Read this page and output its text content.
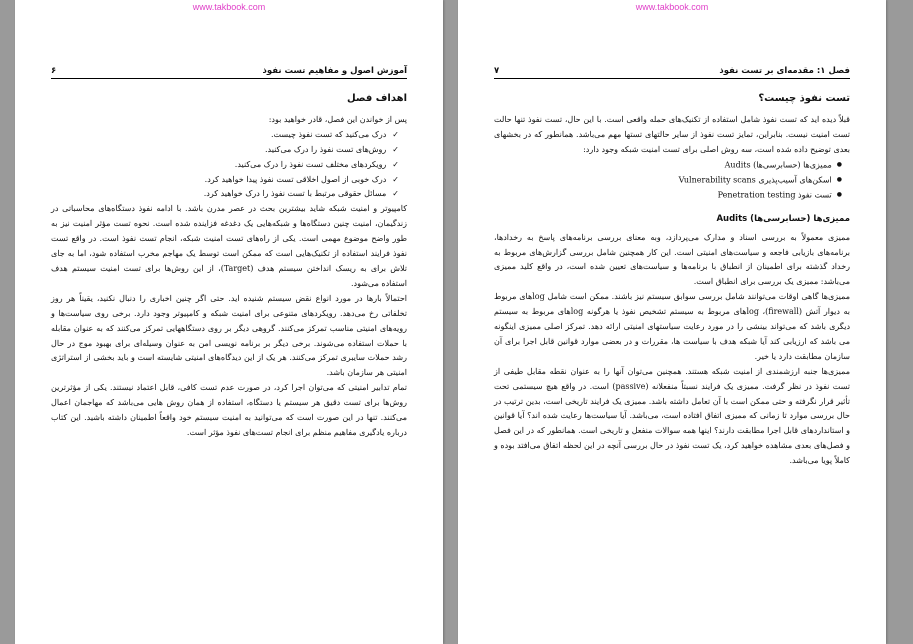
www.takbook.com
آموزش اصول و مفاهیم تست نفوذ
۶
اهداف فصل

پس از خواندن این فصل، قادر خواهید بود:

✓ درک می‌کنید که تست نفوذ چیست.
✓ روش‌های تست نفوذ را درک می‌کنید.
✓ رویکردهای مختلف تست نفوذ را درک می‌کنید.
✓ درک خوبی از اصول اخلاقی تست نفوذ پیدا خواهید کرد.
✓ مسائل حقوقی مرتبط با تست نفوذ را درک خواهید کرد.

کامپیوتر و امنیت شبکه شاید بیشترین بحث در عصر مدرن باشد. با ادامه نفوذ دستگاه‌های محاسباتی در زندگیمان، امنیت چنین دستگاه‌ها و شبکه‌هایی یک دغدغه فزاینده شده است. نحوه تست مؤثر امنیت نیز به طور واضح موضوع مهمی است. یکی از راه‌های تست امنیت شبکه، انجام تست نفوذ است. در واقع تست نفوذ فرایند استفاده از تکنیک‌هایی است که ممکن است توسط یک مهاجم مخرب استفاده شود، اما به جای تلاش برای به ریسک انداختن سیستم هدف (Target)، از این روش‌ها برای تست امنیت سیستم هدف استفاده می‌شود.

احتمالاً بارها در مورد انواع نقض سیستم شنیده اید. حتی اگر چنین اخباری را دنبال نکنید، یقیناً هر روز تخلفاتی رخ می‌دهد. رویکردهای متنوعی برای امنیت شبکه و کامپیوتر وجود دارد. برخی روی سیاست‌ها و رویه‌های امنیتی مناسب تمرکز می‌کنند. گروهی دیگر بر روی دستگاههایی تمرکز می‌کنند که به عنوان مقابله با حملات استفاده می‌شوند. برخی دیگر بر برنامه نویسی امن به عنوان وسیله‌ای برای بهبود موج در حال رشد حملات سایبری تمرکز می‌کنند. هر یک از این دیدگاه‌های امنیتی شایسته است و باید بخشی از استراتژی امنیتی هر سازمان باشد.

تمام تدابیر امنیتی که می‌توان اجرا کرد، در صورت عدم تست کافی، قابل اعتماد نیستند. یکی از مؤثرترین روش‌ها برای تست دقیق هر سیستم یا دستگاه، استفاده از همان روش هایی می‌باشد که مهاجمان اعمال می‌کنند. تنها در این صورت است که می‌توانید به امنیت سیستم خود واقعاً اطمینان داشته باشید. این کتاب درباره یادگیری مفاهیم منظم برای انجام تست‌های نفوذ مؤثر است.

www.takbook.com
فصل ۱: مقدمه‌ای بر تست نفوذ
۷
تست نفوذ چیست؟

قبلاً دیده اید که تست نفوذ شامل استفاده از تکنیک‌های حمله واقعی است. با این حال، تست نفوذ تنها حالت تست امنیت نیست. بنابراین، تمایز تست نفوذ از سایر حالتهای تستها مهم می‌باشد. همانطور که در بخشهای بعدی توضیح داده شده است، سه روش اصلی برای تست امنیت شبکه وجود دارد:

● ممیزی‌ها (حسابرسی‌ها) Audits
● اسکن‌های آسیب‌پذیری Vulnerability scans
● تست نفوذ Penetration testing
ممیزی‌ها (حسابرسی‌ها) Audits

ممیزی معمولاً به بررسی اسناد و مدارک می‌پردازد، وبه معنای بررسی برنامه‌های پاسخ به رخدادها، برنامه‌های بازیابی فاجعه و سیاست‌های امنیتی است. این کار همچنین شامل بررسی گزارش‌های مربوط به رخداد گذشته برای اطمینان از انطباق با برنامه‌ها و سیاست‌های تعیین شده است، در واقع کلید ممیزی می‌باشد: ممیزی یک بررسی برای انطباق است.

ممیزی‌ها گاهی اوقات می‌توانند شامل بررسی سوابق سیستم نیز باشند. ممکن است شامل logهای مربوط به دیوار آتش (firewall)، logهای مربوط به سیستم تشخیص نفوذ یا هرگونه logهای مربوط به سیستم دیگری باشد که می‌تواند بینشی را در مورد رعایت سیاستهای امنیتی ارائه دهد. تمرکز اصلی ممیزی اینگونه می باشد که ارزیابی کند آیا شبکه هدف با سیاست ها، مقررات و در بعضی موارد قوانین قابل اجرا برای آن سازمان مطابقت دارد یا خیر.

ممیزی‌ها جنبه ارزشمندی از امنیت شبکه هستند. همچنین می‌توان آنها را به عنوان نقطه مقابل طیفی از تست نفوذ در نظر گرفت. ممیزی یک فرایند نسبتاً منفعلانه (passive) است. در واقع هیچ سیستمی تحت تأثیر قرار نگرفته و حتی ممکن است با آن تعامل داشته باشد. ممیزی یک فرایند تاریخی است، بدین ترتیب در حال بررسی موارد تا زمانی که ممیزی اتفاق افتاده است، می‌باشد. آیا سیاست‌ها رعایت شده اند؟ آیا قوانین و استانداردهای قابل اجرا مطابقت دارند؟ اینها همه سوالات منفعل و تاریخی است. همانطور که در این فصل و فصل‌های بعدی مشاهده خواهید کرد، یک تست نفوذ در حال بررسی آنچه در این لحظه اتفاق می‌افتد بوده و کاملاً پویا می‌باشد.
